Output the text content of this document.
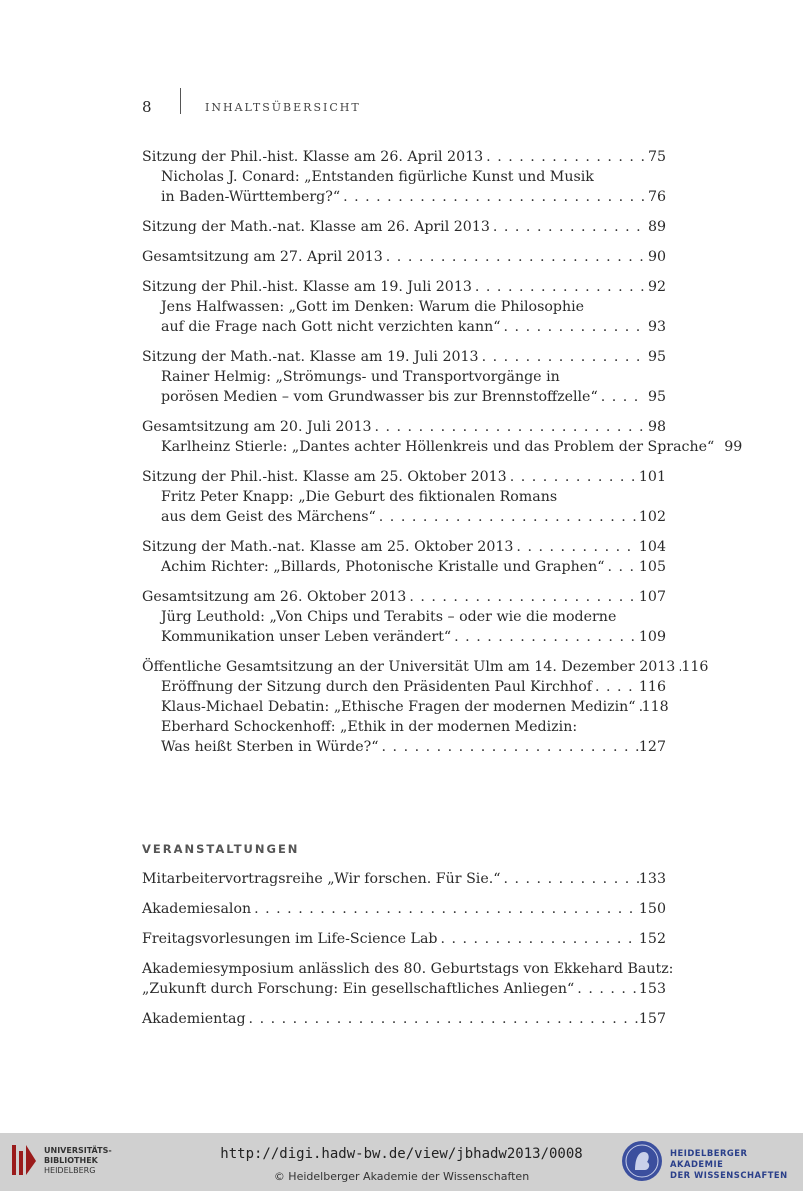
8	INHALTSÜBERSICHT
Sitzung der Phil.-hist. Klasse am 26. April 2013 . . .	75
Nicholas J. Conard: „Entstanden figürliche Kunst und Musik
in Baden-Württemberg?“ . . .	76
Sitzung der Math.-nat. Klasse am 26. April 2013 . . .	89
Gesamtsitzung am 27. April 2013 . . .	90
Sitzung der Phil.-hist. Klasse am 19. Juli 2013 . . .	92
Jens Halfwassen: „Gott im Denken: Warum die Philosophie
auf die Frage nach Gott nicht verzichten kann“ . . .	93
Sitzung der Math.-nat. Klasse am 19. Juli 2013 . . .	95
Rainer Helmig: „Strömungs- und Transportvorgänge in
porösen Medien – vom Grundwasser bis zur Brennstoffzelle“ . . .	95
Gesamtsitzung am 20. Juli 2013 . . .	98
Karlheinz Stierle: „Dantes achter Höllenkreis und das Problem der Sprache“ 99
Sitzung der Phil.-hist. Klasse am 25. Oktober 2013 . . .	101
Fritz Peter Knapp: „Die Geburt des fiktionalen Romans
aus dem Geist des Märchens“ . . .	102
Sitzung der Math.-nat. Klasse am 25. Oktober 2013 . . .	104
Achim Richter: „Billards, Photonische Kristalle und Graphen“ . . . 105
Gesamtsitzung am 26. Oktober 2013 . . .	107
Jürg Leuthold: „Von Chips und Terabits – oder wie die moderne
Kommunikation unser Leben verändert“ . . .	109
Öffentliche Gesamtsitzung an der Universität Ulm am 14. Dezember 2013 . . . 116
Eröffnung der Sitzung durch den Präsidenten Paul Kirchhof . . .	116
Klaus-Michael Debatin: „Ethische Fragen der modernen Medizin“ . . . 118
Eberhard Schockenhoff: „Ethik in der modernen Medizin:
Was heißt Sterben in Würde?“ . . .	127
VERANSTALTUNGEN
Mitarbeitervortragsreihe „Wir forschen. Für Sie.“ . . .	133
Akademiesalon . . .	150
Freitagsvorlesungen im Life-Science Lab . . .	152
Akademiesymposium anlässlich des 80. Geburtstags von Ekkehard Bautz:
„Zukunft durch Forschung: Ein gesellschaftliches Anliegen“ . . .	153
Akademientag . . .	157
UNIVERSITÄTS-
BIBLIOTHEK
HEIDELBERG
http://digi.hadw-bw.de/view/jbhadw2013/0008
© Heidelberger Akademie der Wissenschaften
HEIDELBERGER AKADEMIE
DER WISSENSCHAFTEN
